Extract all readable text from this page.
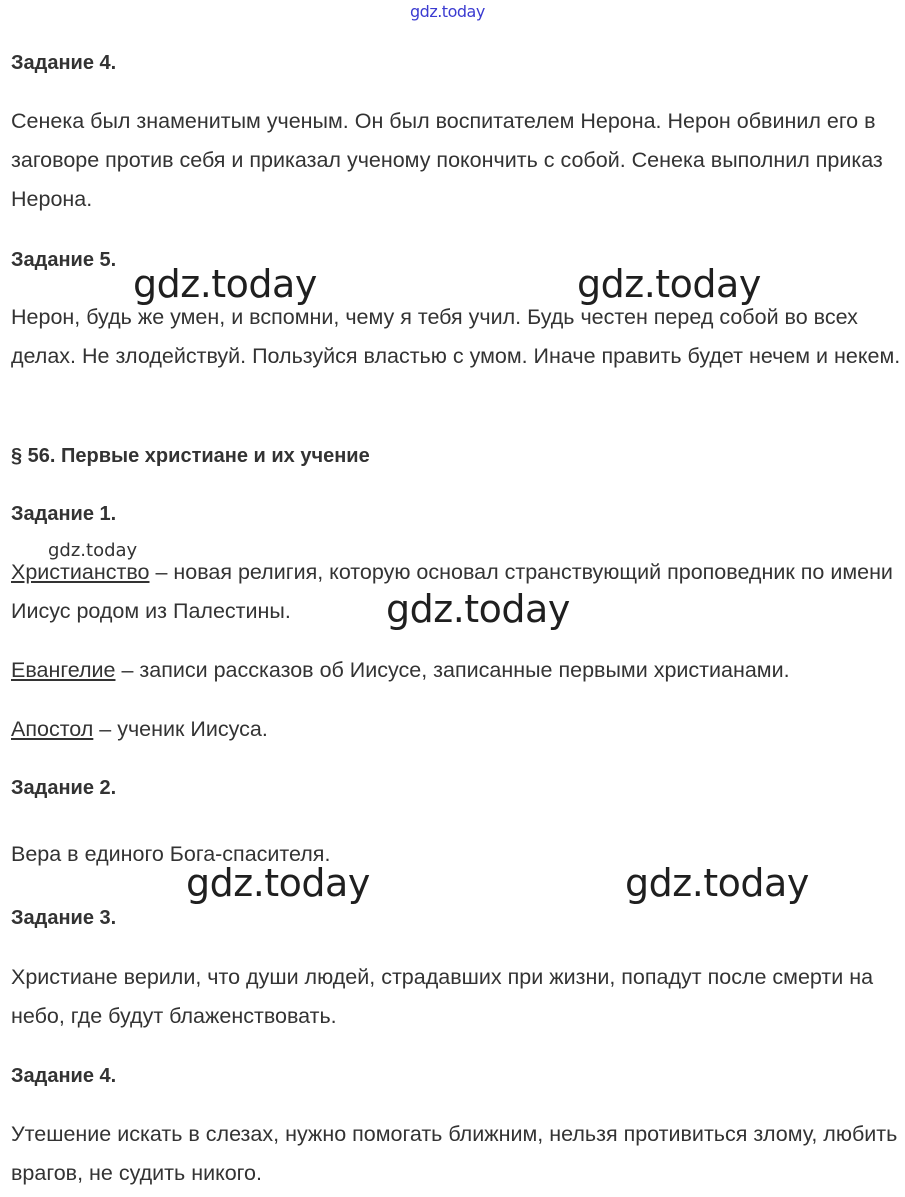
gdz.today
Задание 4.

Сенека был знаменитым ученым. Он был воспитателем Нерона. Нерон обвинил его в заговоре против себя и приказал ученому покончить с собой. Сенека выполнил приказ Нерона.

Задание 5.
gdz.today	gdz.today

Нерон, будь же умен, и вспомни, чему я тебя учил. Будь честен перед собой во всех делах. Не злодействуй. Пользуйся властью с умом. Иначе править будет нечем и некем.

§ 56. Первые христиане и их учение
Задание 1.
gdz.today

Христианство – новая религия, которую основал странствующий проповедник по имени Иисус родом из Палестины.	gdz.today

Евангелие – записи рассказов об Иисусе, записанные первыми христианами.

Апостол – ученик Иисуса.

Задание 2.

Вера в единого Бога-спасителя.

gdz.today	gdz.today
Задание 3.

Христиане верили, что души людей, страдавших при жизни, попадут после смерти на небо, где будут блаженствовать.

Задание 4.

Утешение искать в слезах, нужно помогать ближним, нельзя противиться злому, любить врагов, не судить никого.
